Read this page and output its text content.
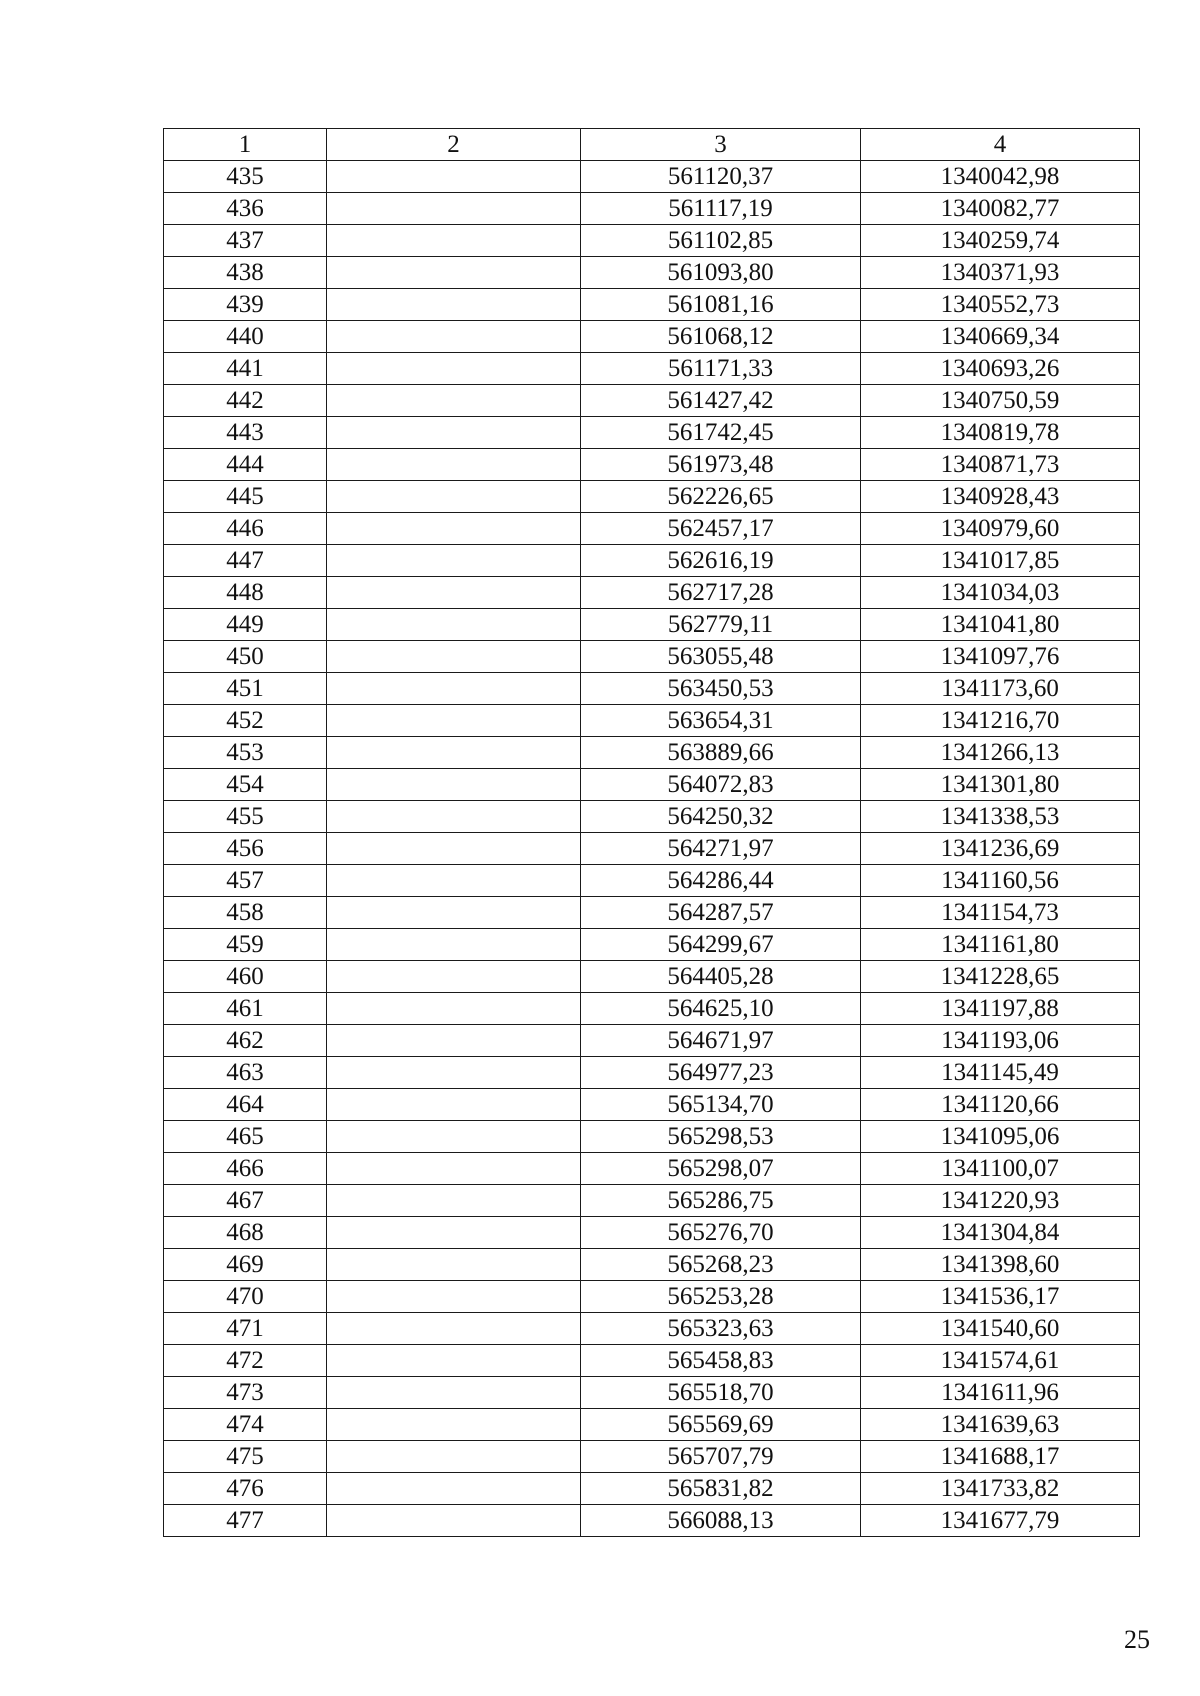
1	2	3	4
435		561120,37	1340042,98
436		561117,19	1340082,77
437		561102,85	1340259,74
438		561093,80	1340371,93
439		561081,16	1340552,73
440		561068,12	1340669,34
441		561171,33	1340693,26
442		561427,42	1340750,59
443		561742,45	1340819,78
444		561973,48	1340871,73
445		562226,65	1340928,43
446		562457,17	1340979,60
447		562616,19	1341017,85
448		562717,28	1341034,03
449		562779,11	1341041,80
450		563055,48	1341097,76
451		563450,53	1341173,60
452		563654,31	1341216,70
453		563889,66	1341266,13
454		564072,83	1341301,80
455		564250,32	1341338,53
456		564271,97	1341236,69
457		564286,44	1341160,56
458		564287,57	1341154,73
459		564299,67	1341161,80
460		564405,28	1341228,65
461		564625,10	1341197,88
462		564671,97	1341193,06
463		564977,23	1341145,49
464		565134,70	1341120,66
465		565298,53	1341095,06
466		565298,07	1341100,07
467		565286,75	1341220,93
468		565276,70	1341304,84
469		565268,23	1341398,60
470		565253,28	1341536,17
471		565323,63	1341540,60
472		565458,83	1341574,61
473		565518,70	1341611,96
474		565569,69	1341639,63
475		565707,79	1341688,17
476		565831,82	1341733,82
477		566088,13	1341677,79
25
